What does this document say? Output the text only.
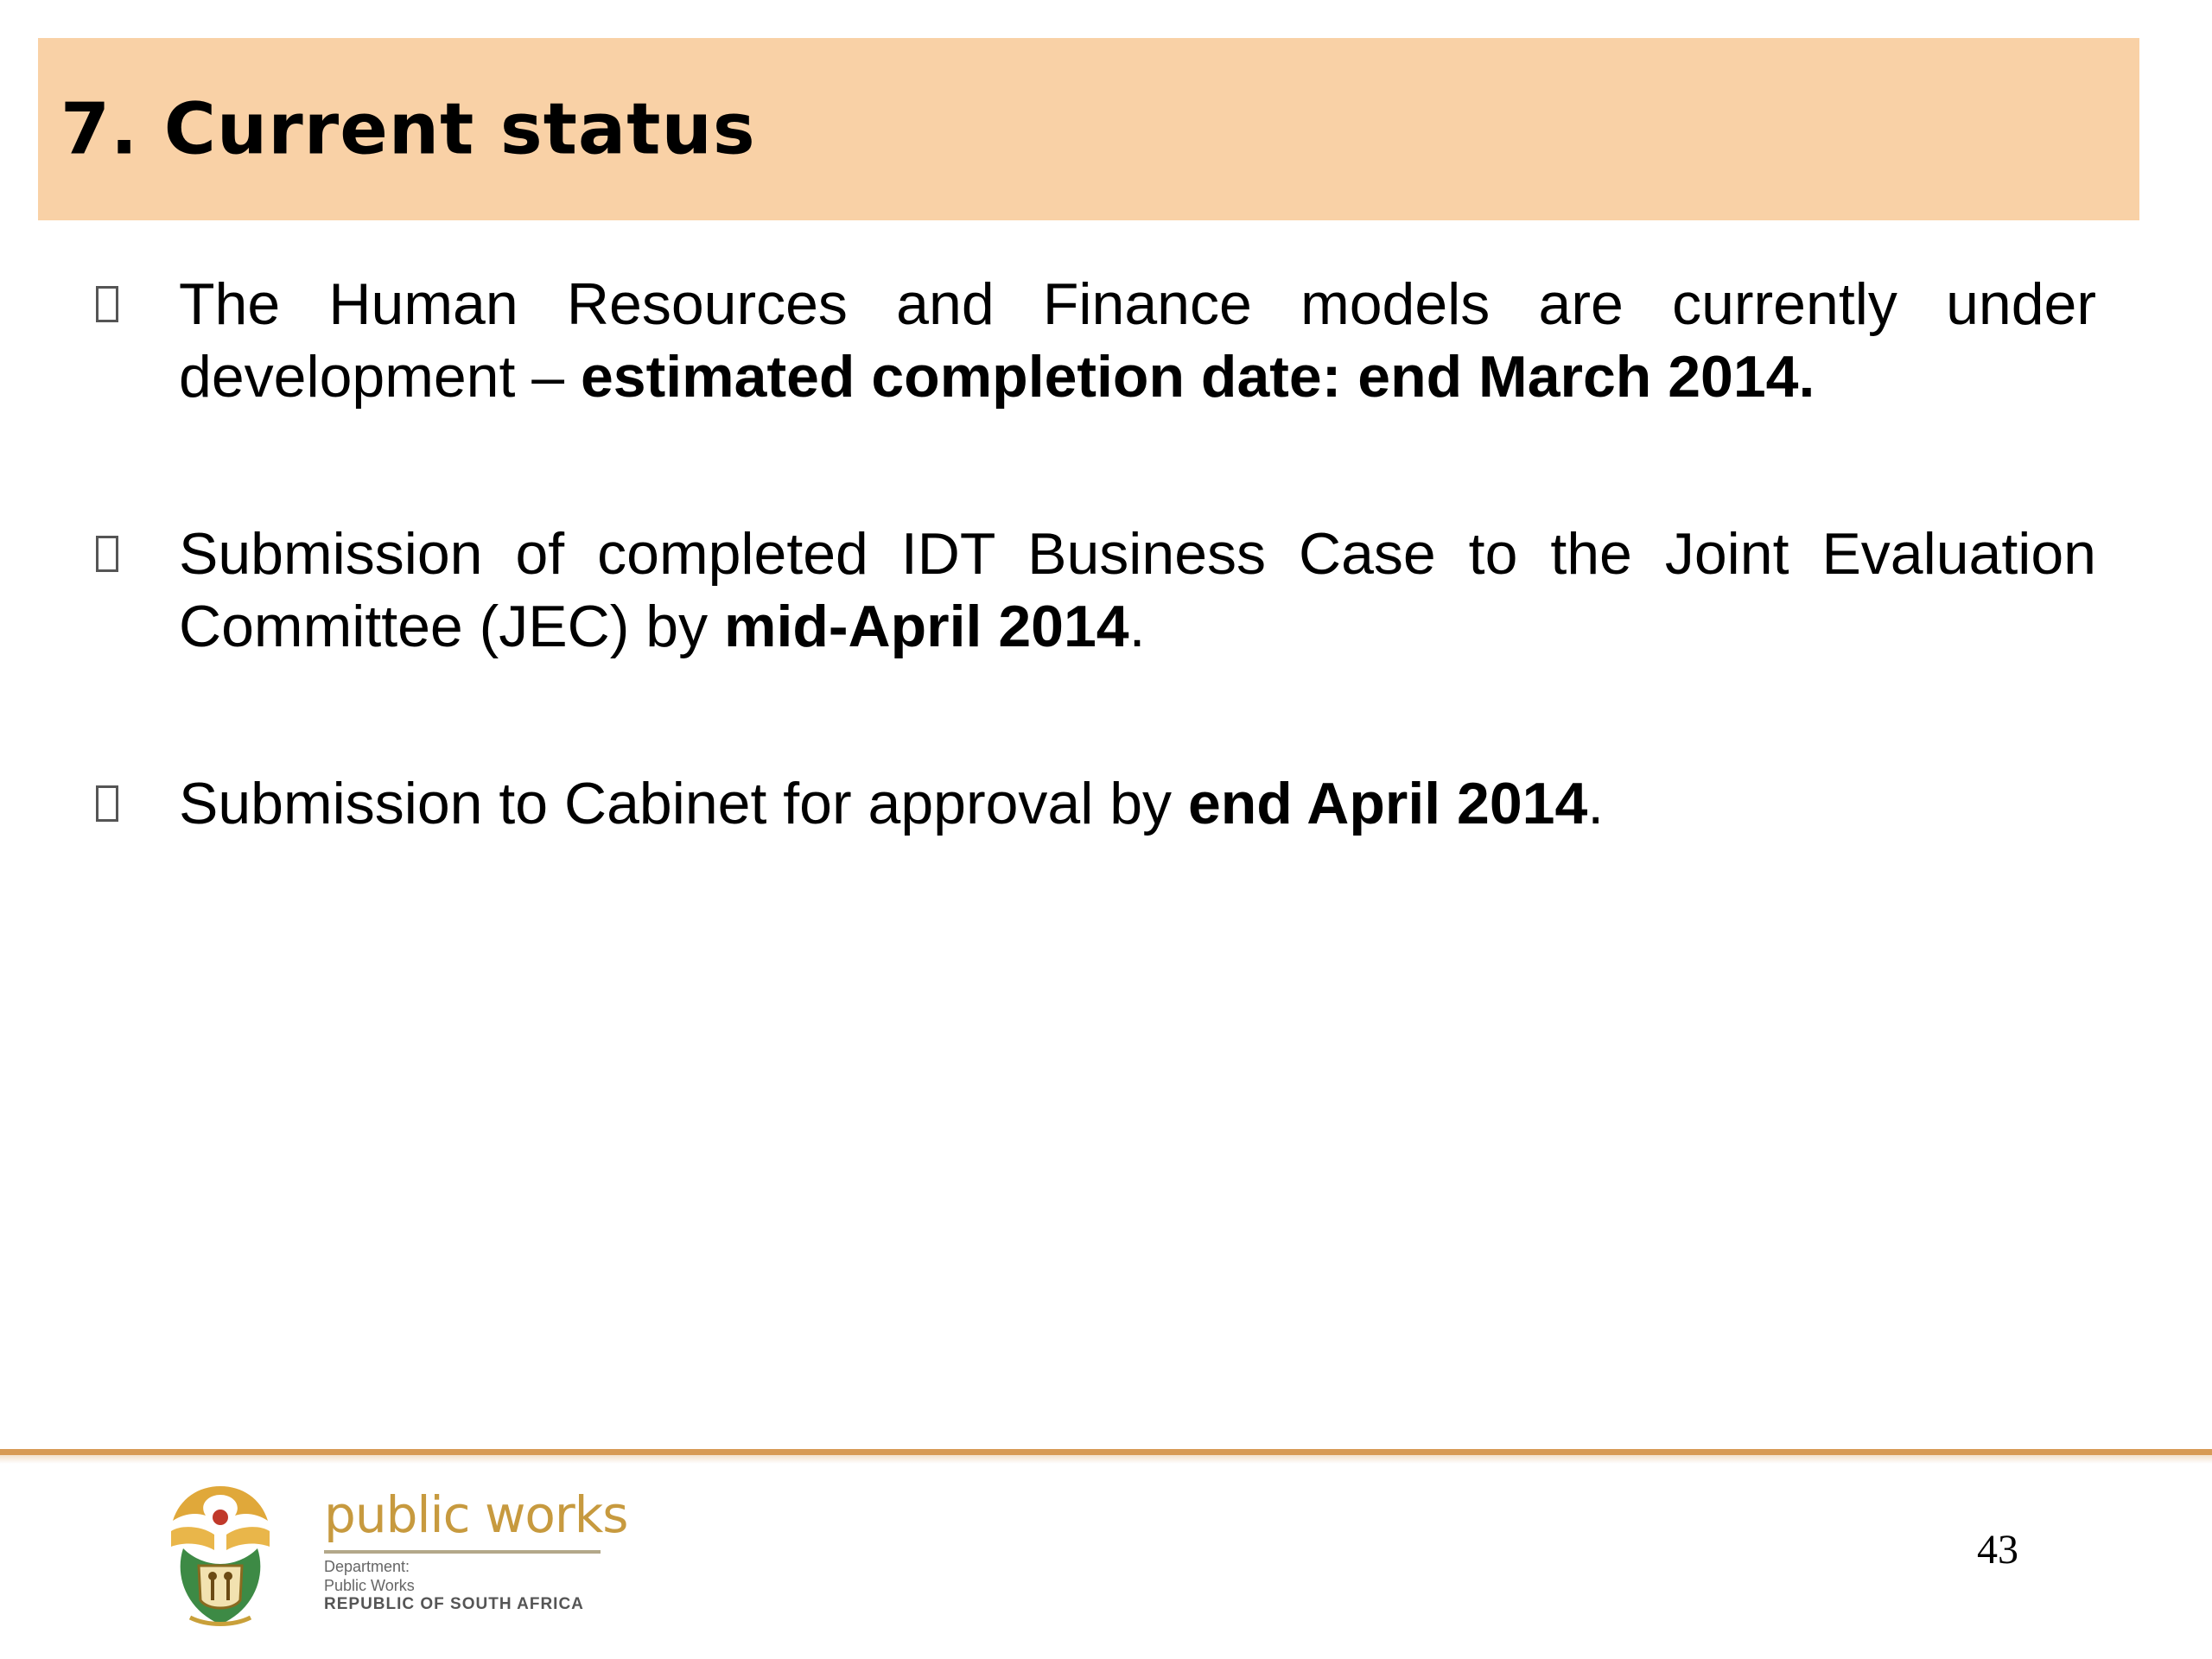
7. Current status
The Human Resources and Finance models are currently under development – estimated completion date: end March 2014.
Submission of completed IDT Business Case to the Joint Evaluation Committee (JEC) by mid-April 2014.
Submission to Cabinet for approval by end April 2014.
public works
Department:
Public Works
REPUBLIC OF SOUTH AFRICA
43
